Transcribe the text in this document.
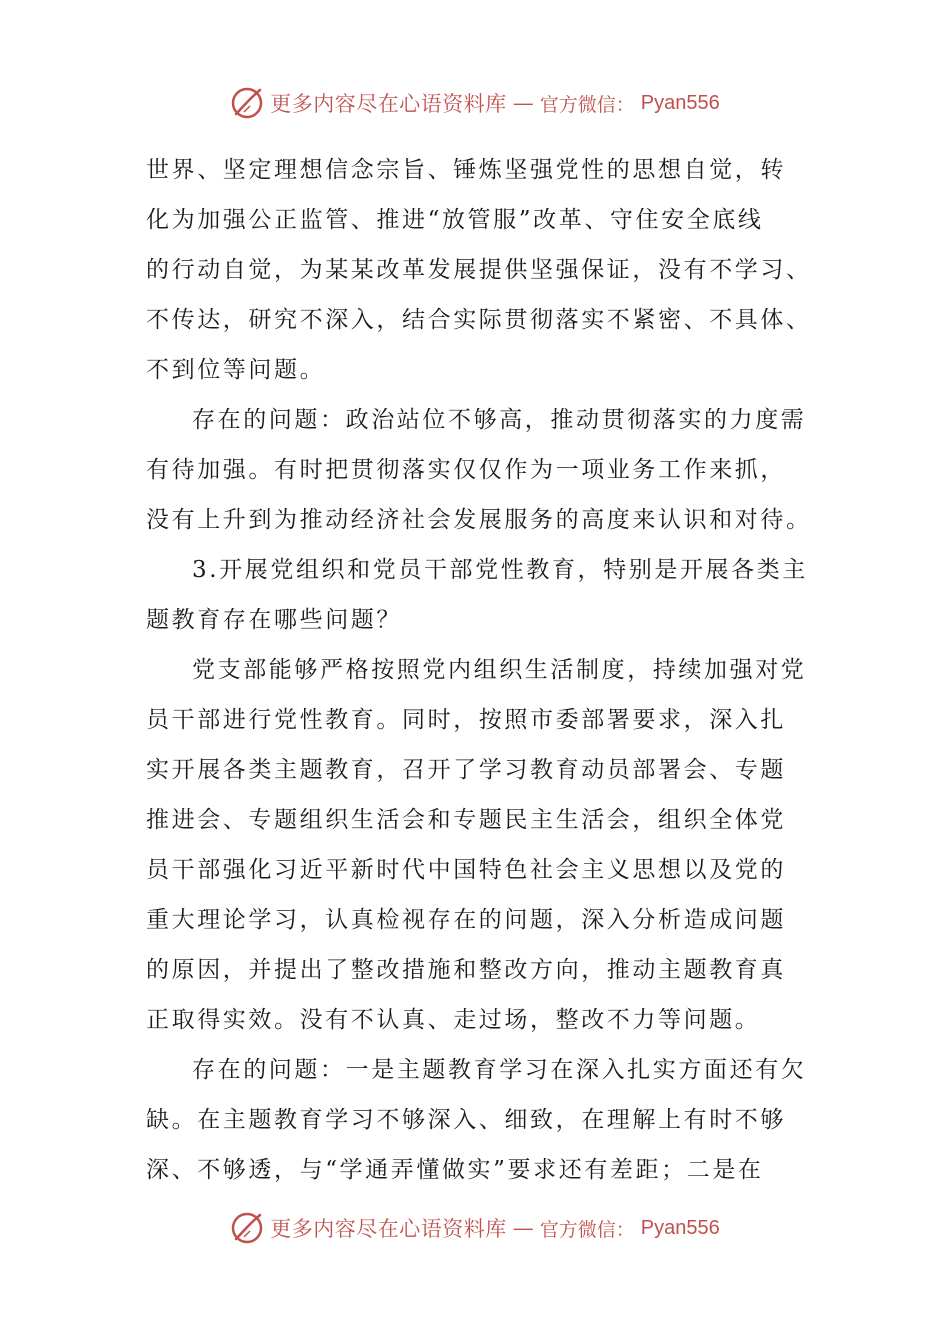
更多内容尽在心语资料库 — 官方微信： Pyan556
世界、坚定理想信念宗旨、锤炼坚强党性的思想自觉，转
化为加强公正监管、推进“放管服”改革、守住安全底线
的行动自觉，为某某改革发展提供坚强保证，没有不学习、
不传达，研究不深入，结合实际贯彻落实不紧密、不具体、
不到位等问题。
存在的问题：政治站位不够高，推动贯彻落实的力度需
有待加强。有时把贯彻落实仅仅作为一项业务工作来抓，
没有上升到为推动经济社会发展服务的高度来认识和对待。
3.开展党组织和党员干部党性教育，特别是开展各类主
题教育存在哪些问题？
党支部能够严格按照党内组织生活制度，持续加强对党
员干部进行党性教育。同时，按照市委部署要求，深入扎
实开展各类主题教育，召开了学习教育动员部署会、专题
推进会、专题组织生活会和专题民主生活会，组织全体党
员干部强化习近平新时代中国特色社会主义思想以及党的
重大理论学习，认真检视存在的问题，深入分析造成问题
的原因，并提出了整改措施和整改方向，推动主题教育真
正取得实效。没有不认真、走过场，整改不力等问题。
存在的问题：一是主题教育学习在深入扎实方面还有欠
缺。在主题教育学习不够深入、细致，在理解上有时不够
深、不够透，与“学通弄懂做实”要求还有差距；二是在
更多内容尽在心语资料库 — 官方微信： Pyan556
